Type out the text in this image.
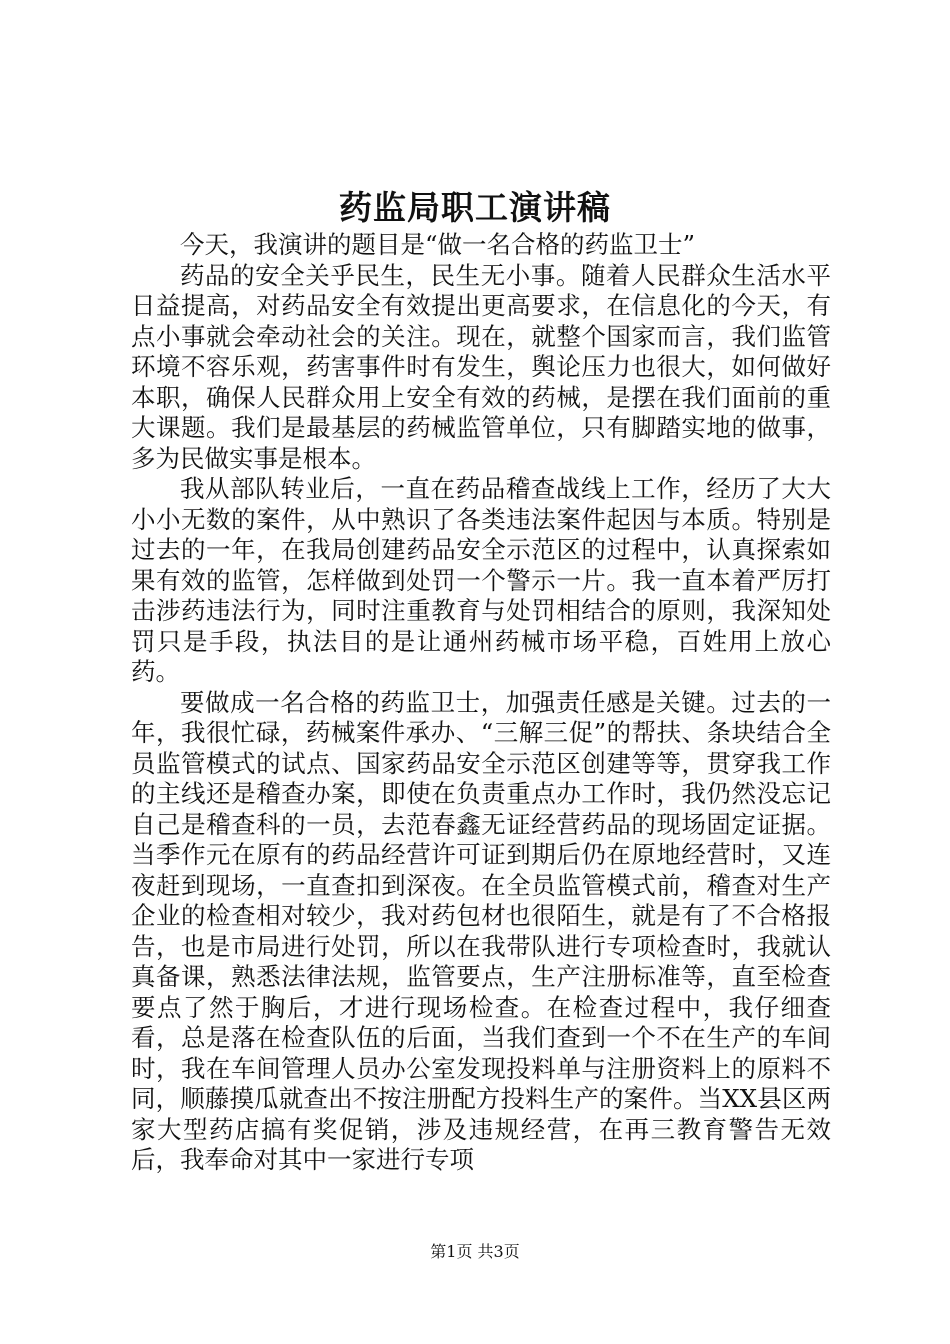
药监局职工演讲稿

今天，我演讲的题目是“做一名合格的药监卫士”

药品的安全关乎民生，民生无小事。随着人民群众生活水平日益提高，对药品安全有效提出更高要求，在信息化的今天，有点小事就会牵动社会的关注。现在，就整个国家而言，我们监管环境不容乐观，药害事件时有发生，舆论压力也很大，如何做好本职，确保人民群众用上安全有效的药械，是摆在我们面前的重大课题。我们是最基层的药械监管单位，只有脚踏实地的做事，多为民做实事是根本。

我从部队转业后，一直在药品稽查战线上工作，经历了大大小小无数的案件，从中熟识了各类违法案件起因与本质。特别是过去的一年，在我局创建药品安全示范区的过程中，认真探索如果有效的监管，怎样做到处罚一个警示一片。我一直本着严厉打击涉药违法行为，同时注重教育与处罚相结合的原则，我深知处罚只是手段，执法目的是让通州药械市场平稳，百姓用上放心药。

要做成一名合格的药监卫士，加强责任感是关键。过去的一年，我很忙碌，药械案件承办、“三解三促”的帮扶、条块结合全员监管模式的试点、国家药品安全示范区创建等等，贯穿我工作的主线还是稽查办案，即使在负责重点办工作时，我仍然没忘记自己是稽查科的一员，去范春鑫无证经营药品的现场固定证据。当季作元在原有的药品经营许可证到期后仍在原地经营时，又连夜赶到现场，一直查扣到深夜。在全员监管模式前，稽查对生产企业的检查相对较少，我对药包材也很陌生，就是有了不合格报告，也是市局进行处罚，所以在我带队进行专项检查时，我就认真备课，熟悉法律法规，监管要点，生产注册标准等，直至检查要点了然于胸后，才进行现场检查。在检查过程中，我仔细查看，总是落在检查队伍的后面，当我们查到一个不在生产的车间时，我在车间管理人员办公室发现投料单与注册资料上的原料不同，顺藤摸瓜就查出不按注册配方投料生产的案件。当XX县区两家大型药店搞有奖促销，涉及违规经营，在再三教育警告无效后，我奉命对其中一家进行专项

第1页 共3页
